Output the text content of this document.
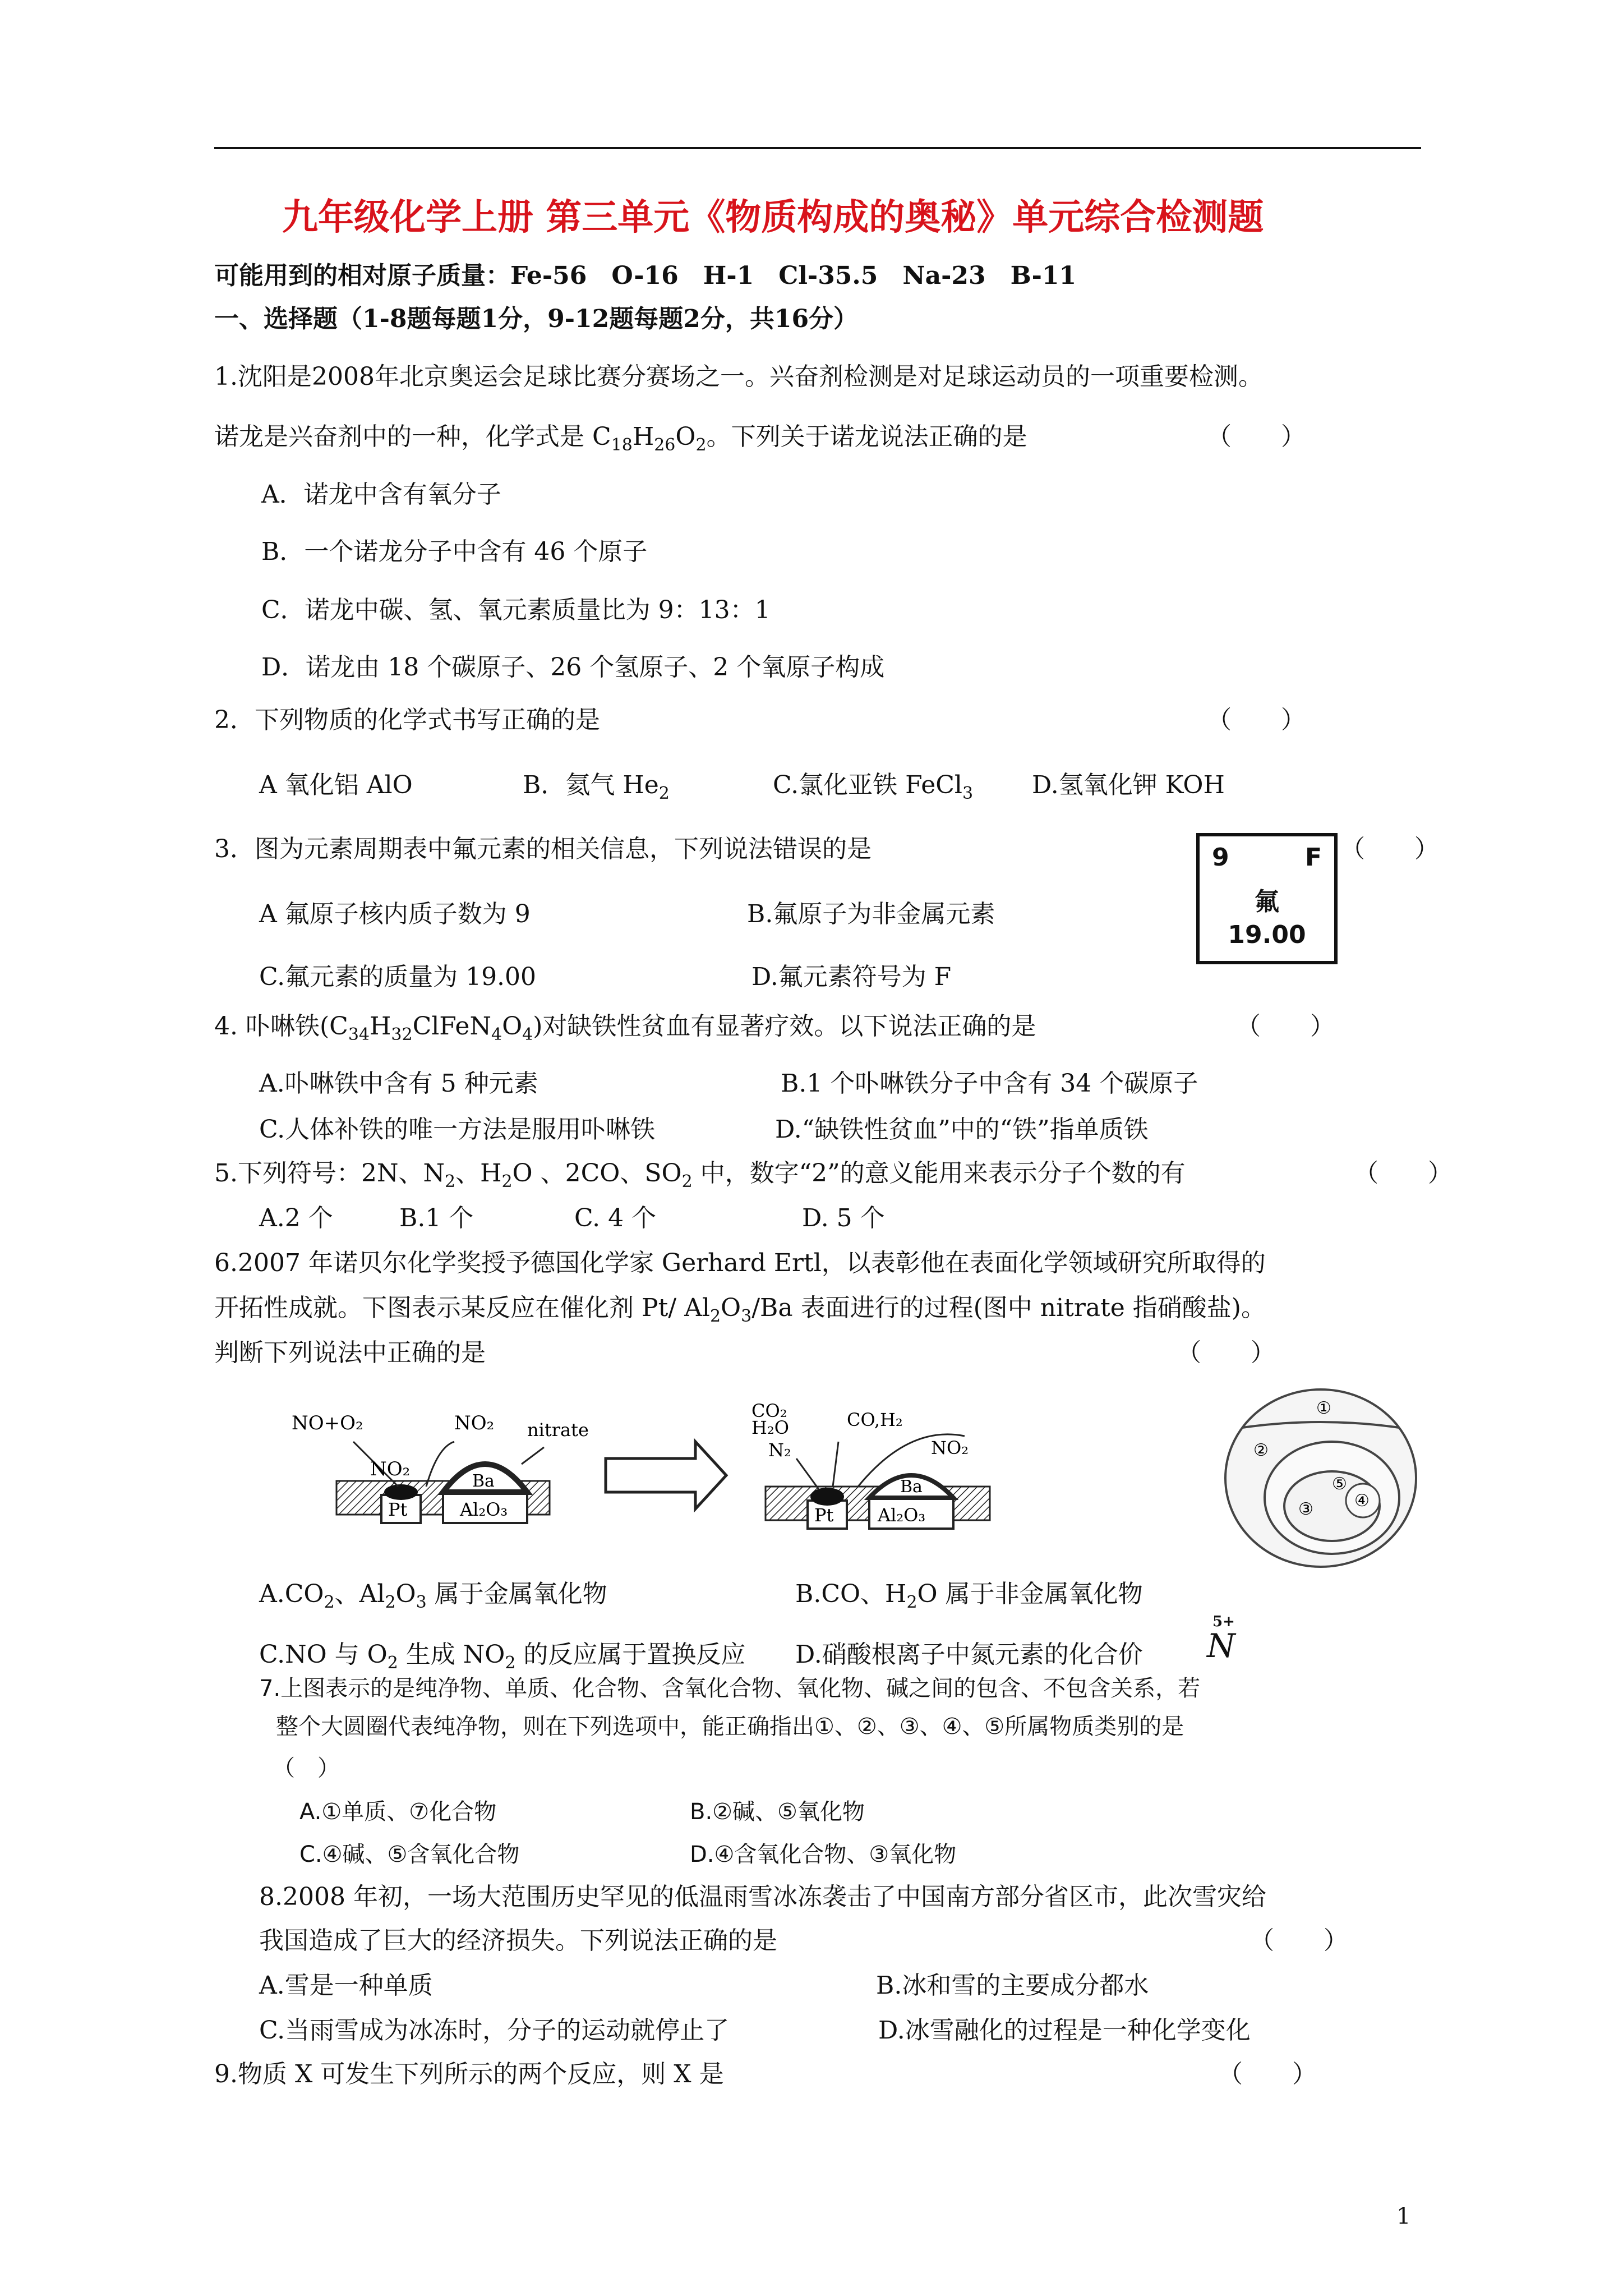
九年级化学上册 第三单元《物质构成的奥秘》单元综合检测题
可能用到的相对原子质量：Fe-56　O-16　H-1　Cl-35.5　Na-23　B-11
一、选择题（1-8题每题1分，9-12题每题2分，共16分）
1.沈阳是2008年北京奥运会足球比赛分赛场之一。兴奋剂检测是对足球运动员的一项重要检测。
诺龙是兴奋剂中的一种，化学式是 $C_{18}H_{26}O_2$。下列关于诺龙说法正确的是	（　　）
A．诺龙中含有氧分子
B．一个诺龙分子中含有 46 个原子
C．诺龙中碳、氢、氧元素质量比为 9：13：1
D．诺龙由 18 个碳原子、26 个氢原子、2 个氧原子构成
2．下列物质的化学式书写正确的是	（　　）
A 氧化铝 AlO	B．氦气 $He_2$	C.氯化亚铁 FeCl$_3$ D.氢氧化钾 KOH
3．图为元素周期表中氟元素的相关信息，下列说法错误的是	（　　）
A 氟原子核内质子数为 9	B.氟原子为非金属元素
C.氟元素的质量为 19.00	D.氟元素符号为 F
9	F
氟
19.00
4. 卟啉铁$(C_{34}H_{32}ClFeN_4O_4)$对缺铁性贫血有显著疗效。以下说法正确的是	（　　）
A.卟啉铁中含有 5 种元素	B.1 个卟啉铁分子中含有 34 个碳原子
C.人体补铁的唯一方法是服用卟啉铁	D.“缺铁性贫血”中的“铁”指单质铁
5.下列符号：2N、$N_2$、$H_2O$ 、2CO、$SO_2$ 中，数字“2”的意义能用来表示分子个数的有	（　　）
A.2 个	B.1 个	C. 4 个	D. 5 个
6.2007 年诺贝尔化学奖授予德国化学家 Gerhard Ertl，以表彰他在表面化学领域研究所取得的
开拓性成就。下图表示某反应在催化剂 Pt/ $Al_2O_3/Ba$ 表面进行的过程(图中 nitrate 指硝酸盐)。
判断下列说法中正确的是	（　　）
NO+O₂	NO₂ nitrate
NO₂
Ba
Pt	Al₂O₃
CO₂
H₂O
N₂
CO,H₂
NO₂
Ba
Pt Al₂O₃
①
②
③ ④
⑤
$A.CO_2$、$Al_2O_3$ 属于金属氧化物	B.CO、$H_2O$ 属于非金属氧化物
C.NO 与 $O_2$ 生成 $NO_2$ 的反应属于置换反应 D.硝酸根离子中氮元素的化合价
5+
N
7.上图表示的是纯净物、单质、化合物、含氧化合物、氧化物、碱之间的包含、不包含关系，若
整个大圆圈代表纯净物，则在下列选项中，能正确指出①、②、③、④、⑤所属物质类别的是
（　）
A.①单质、⑦化合物	B.②碱、⑤氧化物
C.④碱、⑤含氧化合物	D.④含氧化合物、③氧化物
8.2008 年初，一场大范围历史罕见的低温雨雪冰冻袭击了中国南方部分省区市，此次雪灾给
我国造成了巨大的经济损失。下列说法正确的是	（　　）
A.雪是一种单质	B.冰和雪的主要成分都水
C.当雨雪成为冰冻时，分子的运动就停止了	D.冰雪融化的过程是一种化学变化
9.物质 X 可发生下列所示的两个反应，则 X 是	（　　）
1
